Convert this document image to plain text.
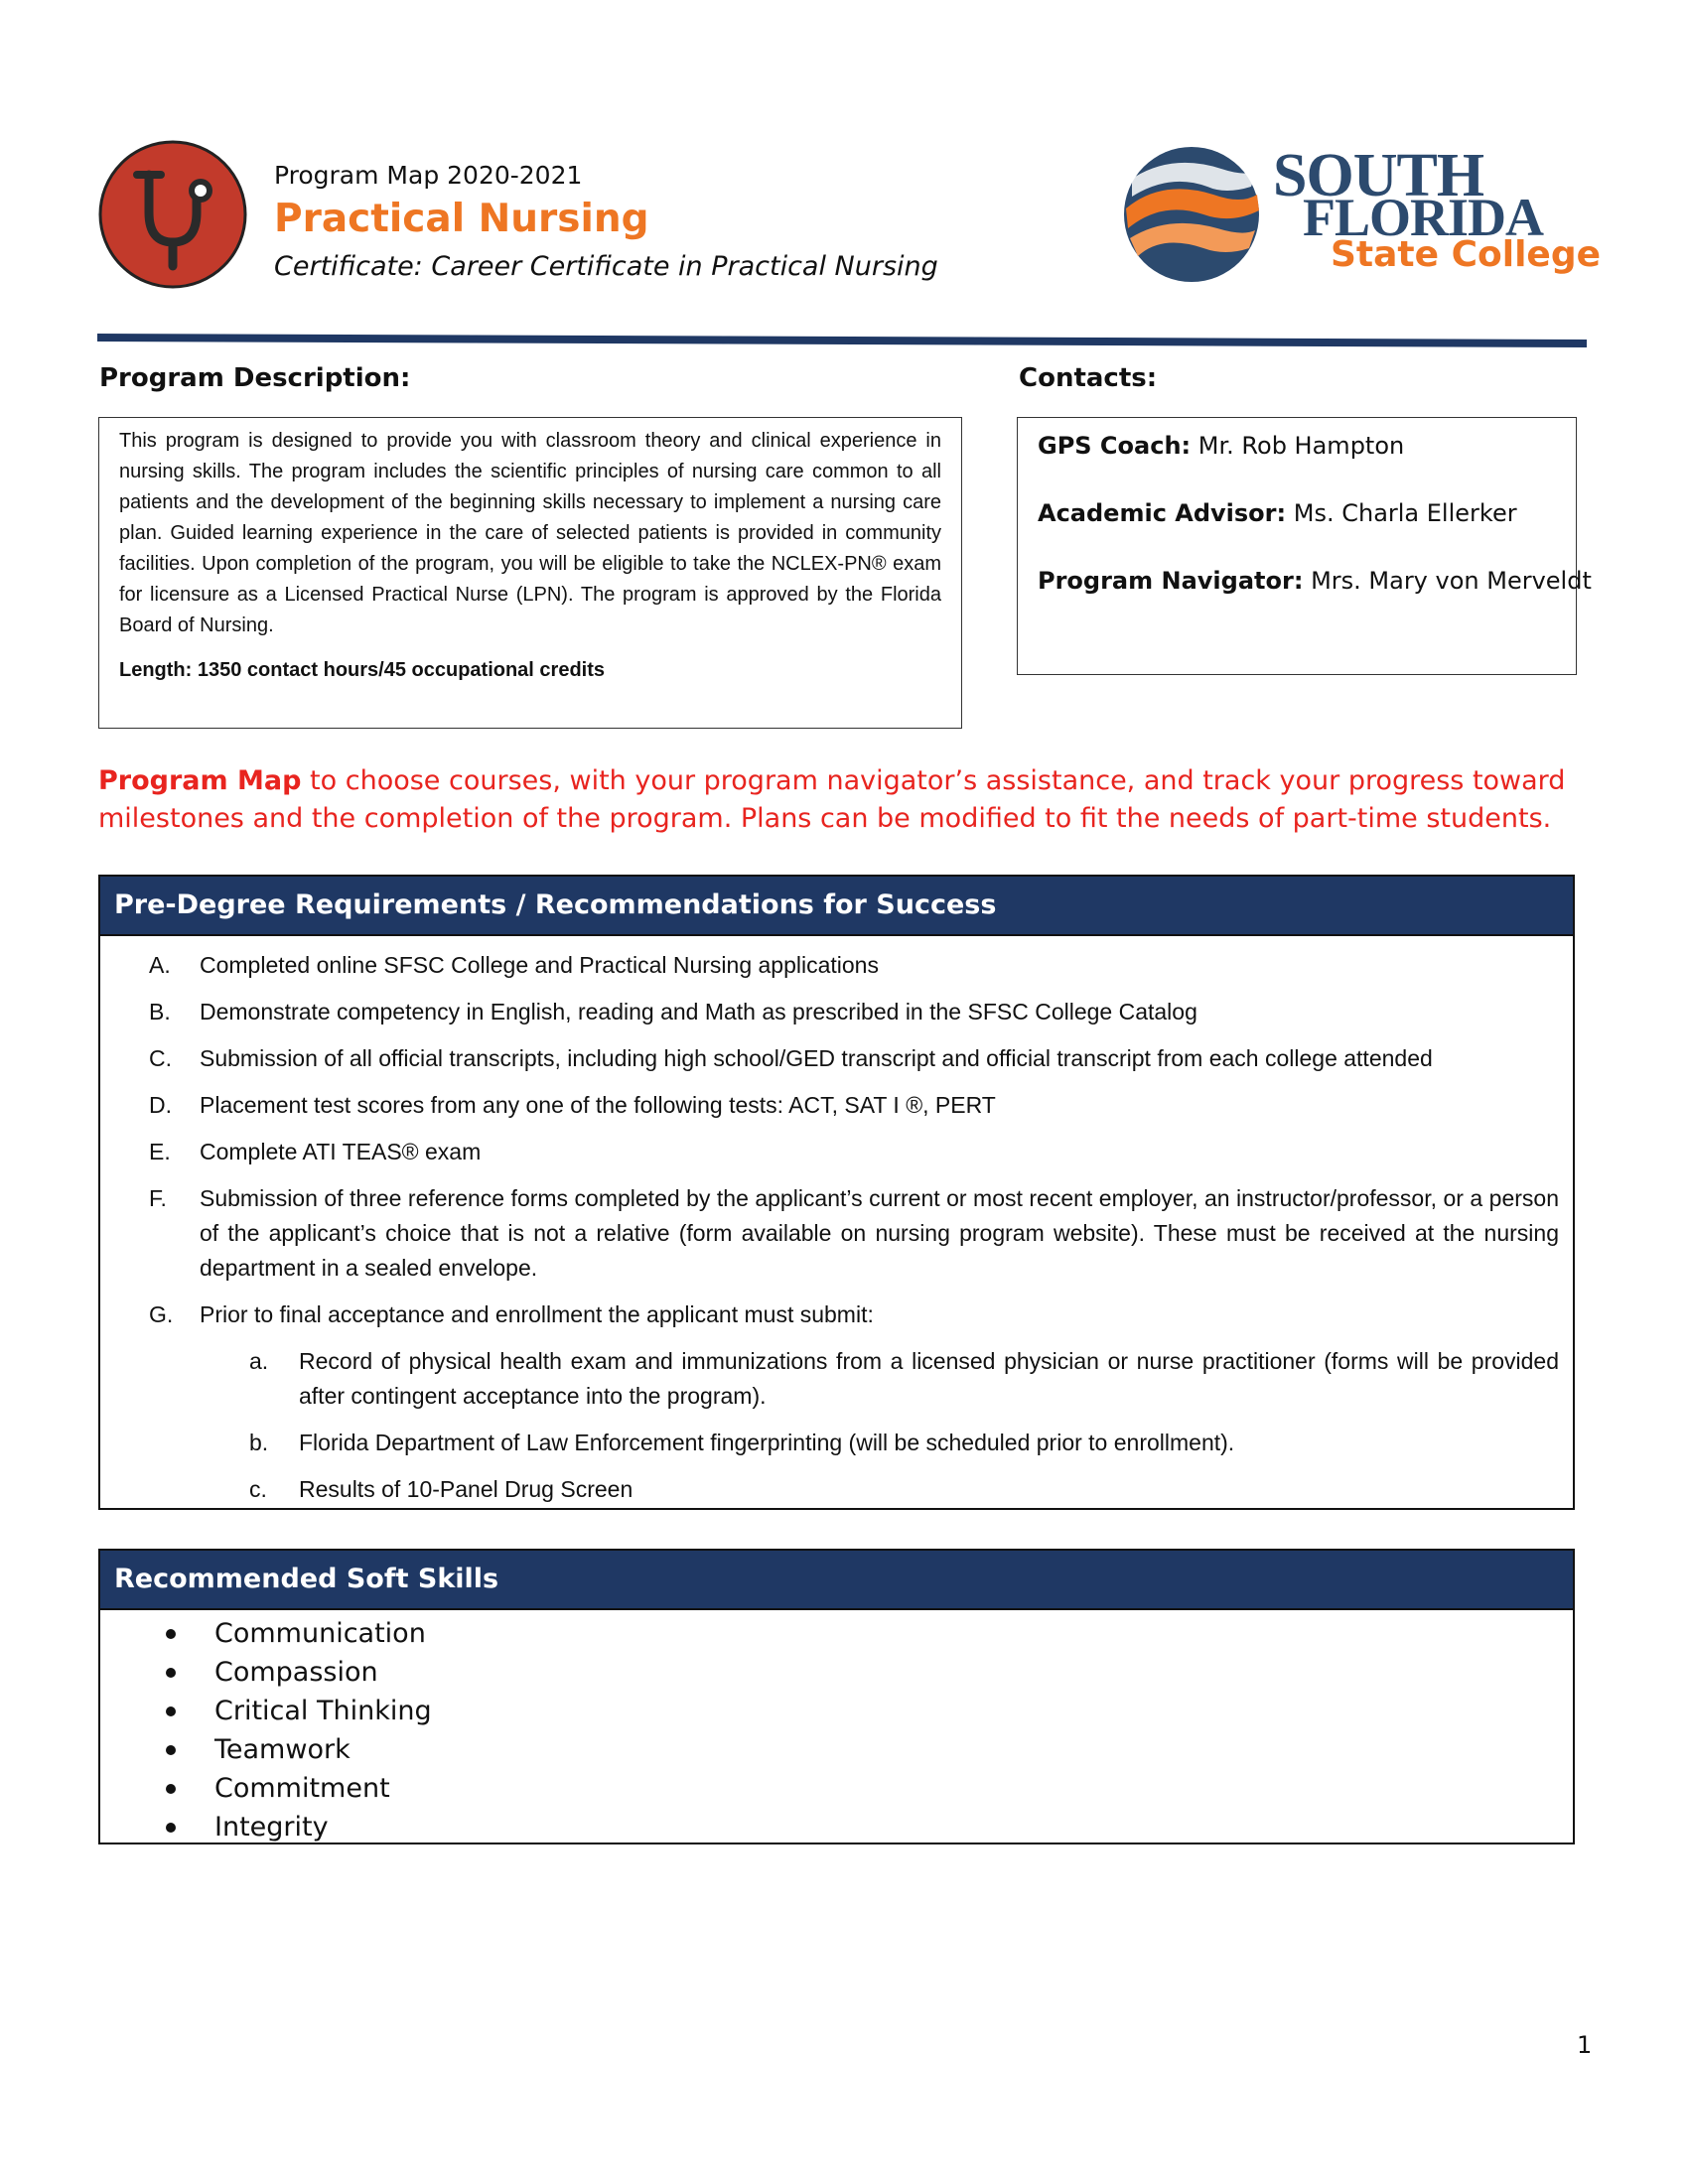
Program Map 2020-2021
Practical Nursing
Certificate: Career Certificate in Practical Nursing
SOUTH
FLORIDA
State College
Program Description:	Contacts:
This program is designed to provide you with classroom theory and clinical experience in nursing skills. The program includes the scientific principles of nursing care common to all patients and the development of the beginning skills necessary to implement a nursing care plan. Guided learning experience in the care of selected patients is provided in community facilities. Upon completion of the program, you will be eligible to take the NCLEX-PN® exam for licensure as a Licensed Practical Nurse (LPN). The program is approved by the Florida Board of Nursing.
Length: 1350 contact hours/45 occupational credits
GPS Coach: Mr. Rob Hampton
Academic Advisor: Ms. Charla Ellerker
Program Navigator: Mrs. Mary von Merveldt
Program Map to choose courses, with your program navigator’s assistance, and track your progress toward milestones and the completion of the program. Plans can be modified to fit the needs of part-time students.
Pre-Degree Requirements / Recommendations for Success
A. Completed online SFSC College and Practical Nursing applications
B. Demonstrate competency in English, reading and Math as prescribed in the SFSC College Catalog
C. Submission of all official transcripts, including high school/GED transcript and official transcript from each college attended
D. Placement test scores from any one of the following tests: ACT, SAT I ®, PERT
E. Complete ATI TEAS® exam
F. Submission of three reference forms completed by the applicant’s current or most recent employer, an instructor/professor, or a person of the applicant’s choice that is not a relative (form available on nursing program website). These must be received at the nursing department in a sealed envelope.
G. Prior to final acceptance and enrollment the applicant must submit:
a. Record of physical health exam and immunizations from a licensed physician or nurse practitioner (forms will be provided after contingent acceptance into the program).
b. Florida Department of Law Enforcement fingerprinting (will be scheduled prior to enrollment).
c. Results of 10-Panel Drug Screen
Recommended Soft Skills
Communication
Compassion
Critical Thinking
Teamwork
Commitment
Integrity
1
